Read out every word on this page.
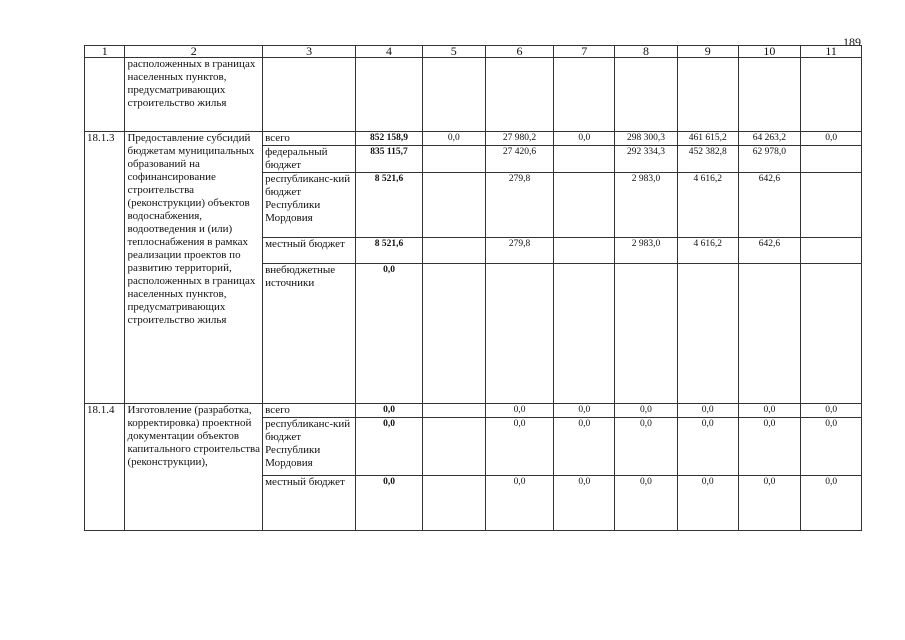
189
1	2	3	4	5	6	7	8	9	10	11
	расположенных в границах населенных пунктов, предусматривающих строительство жилья									
18.1.3	Предоставление субсидий бюджетам муниципальных образований на софинансирование строительства (реконструкции) объектов водоснабжения, водоотведения и (или) теплоснабжения в рамках реализации проектов по развитию территорий, расположенных в границах населенных пунктов, предусматривающих строительство жилья	всего	852 158,9	0,0	27 980,2	0,0	298 300,3	461 615,2	64 263,2	0,0
		федеральный бюджет	835 115,7		27 420,6		292 334,3	452 382,8	62 978,0	
		республиканс-кий бюджет Республики Мордовия	8 521,6		279,8		2 983,0	4 616,2	642,6	
		местный бюджет	8 521,6		279,8		2 983,0	4 616,2	642,6	
		внебюджетные источники	0,0							
18.1.4	Изготовление (разработка, корректировка) проектной документации объектов капитального строительства (реконструкции),	всего	0,0		0,0	0,0	0,0	0,0	0,0	0,0
		республиканс-кий бюджет Республики Мордовия	0,0		0,0	0,0	0,0	0,0	0,0	0,0
		местный бюджет	0,0		0,0	0,0	0,0	0,0	0,0	0,0
